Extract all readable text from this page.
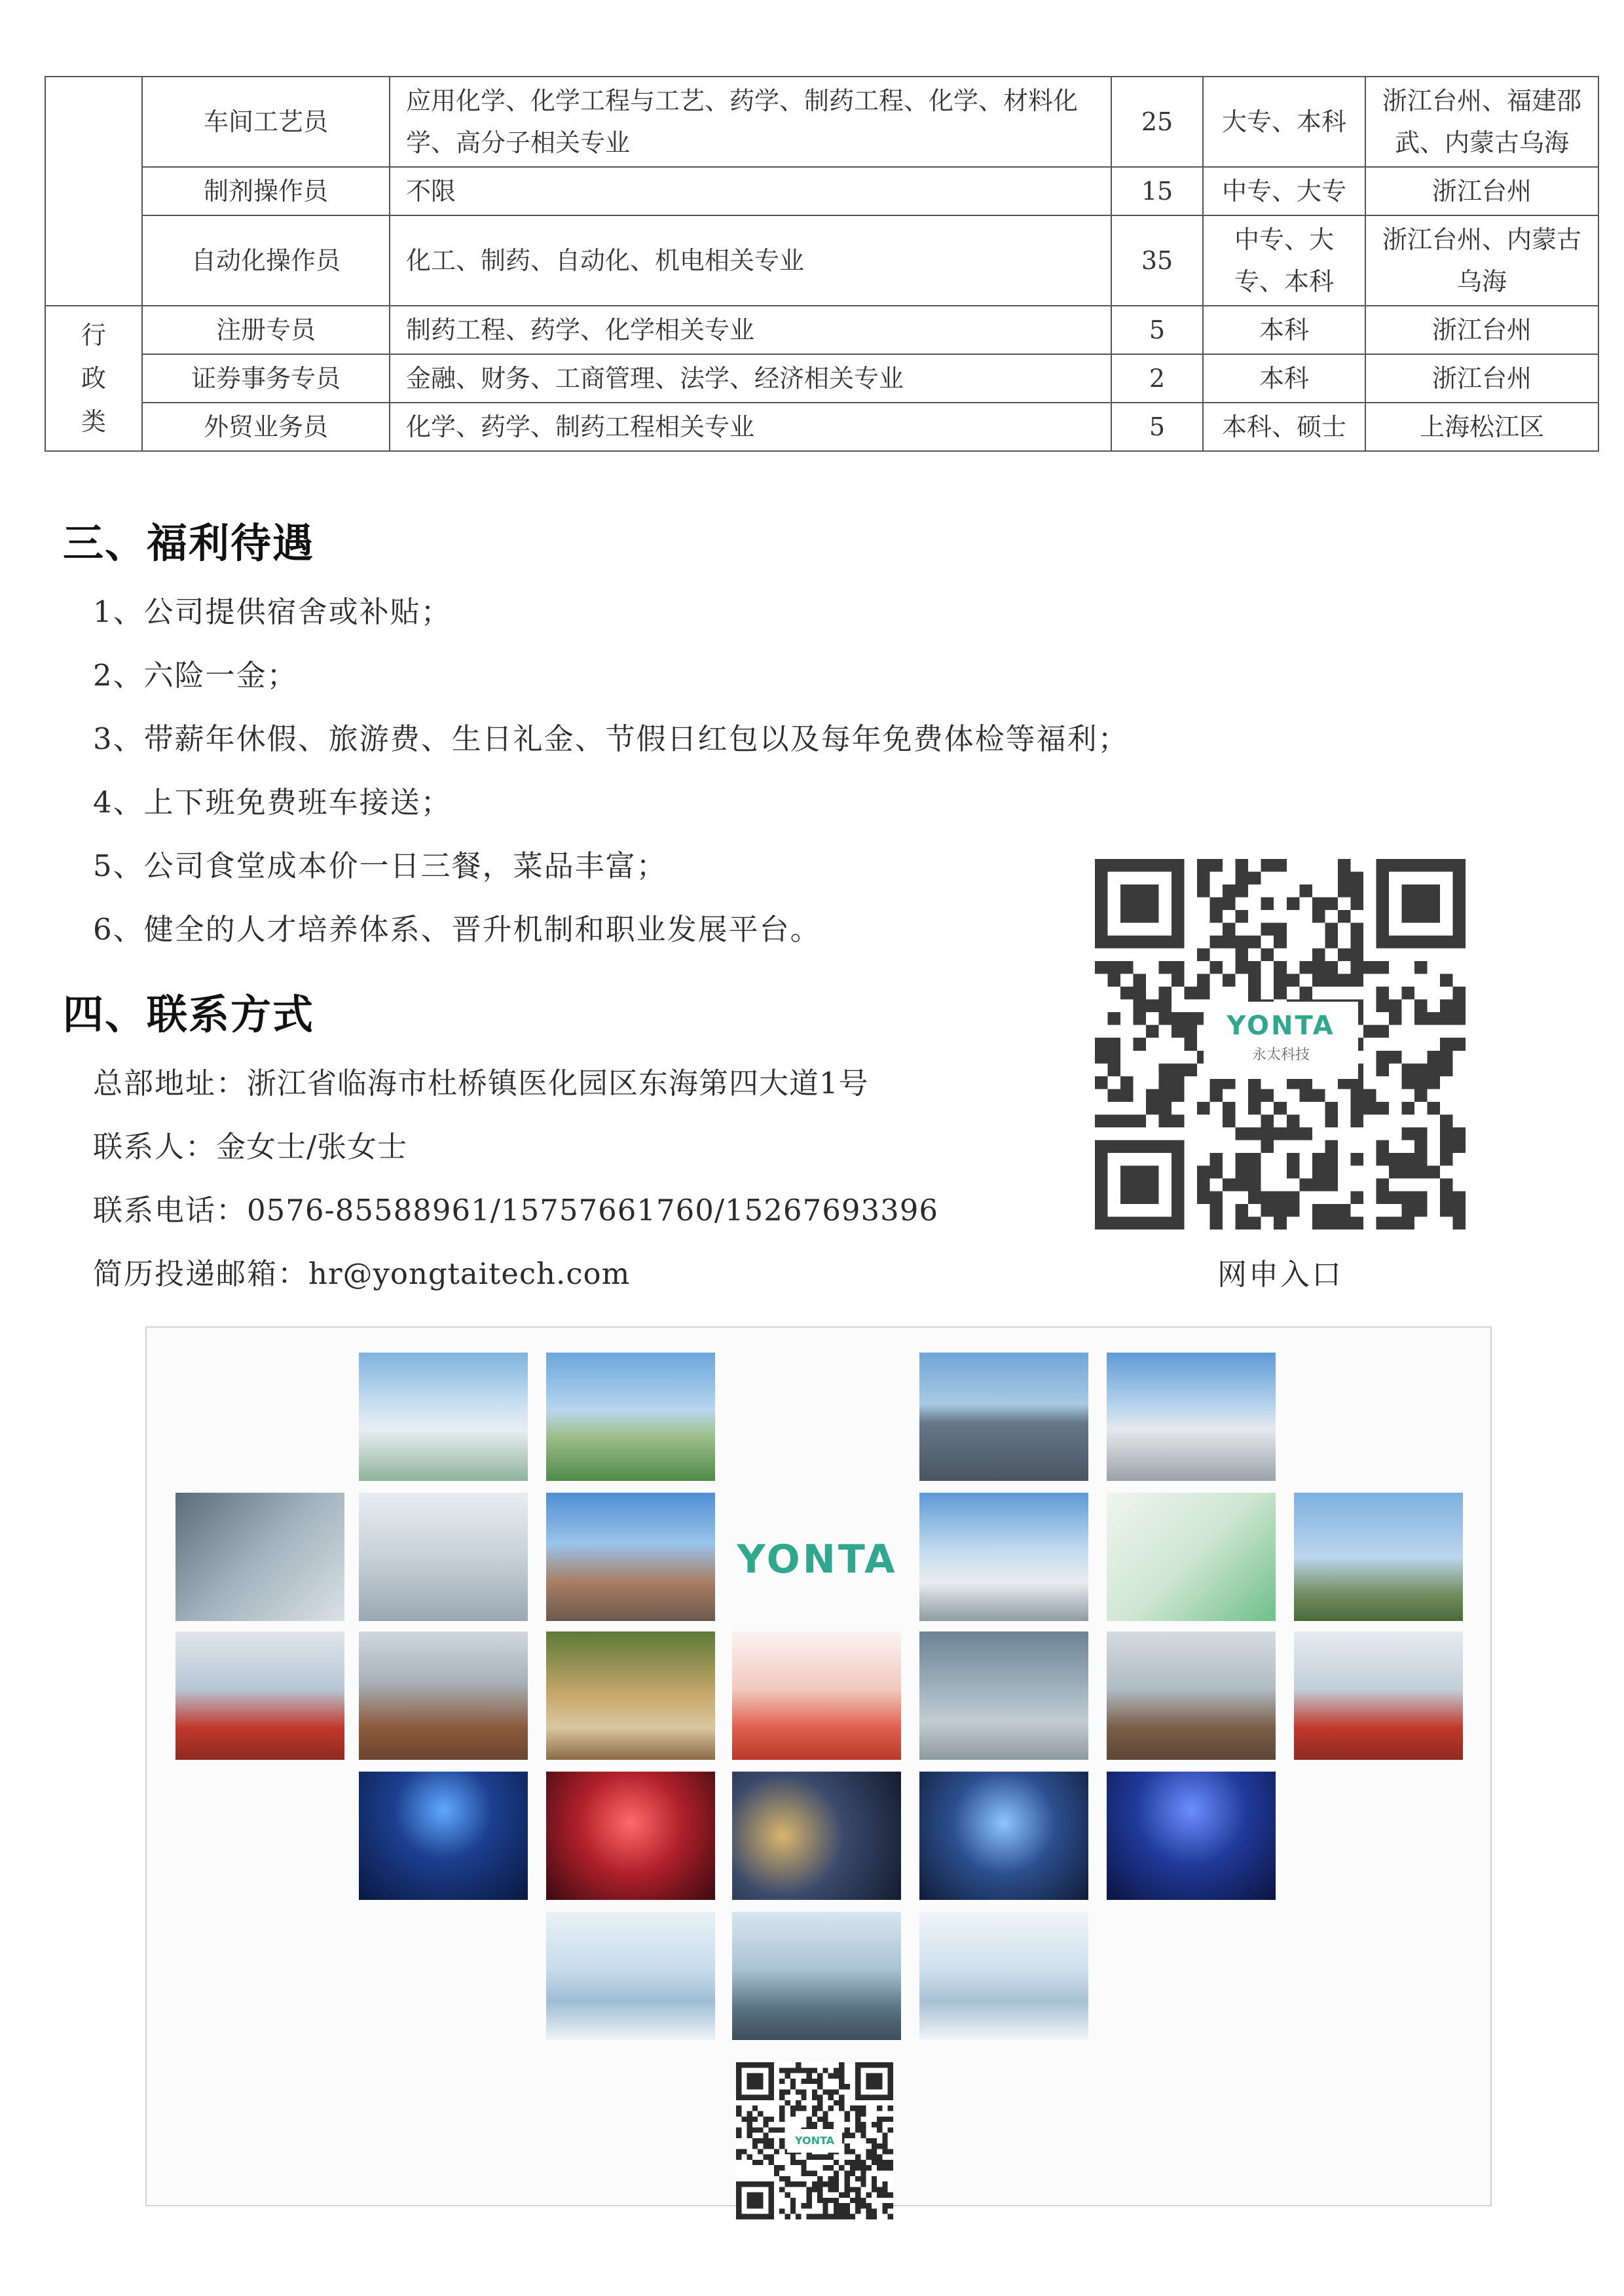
	车间工艺员	应用化学、化学工程与工艺、药学、制药工程、化学、材料化学、高分子相关专业	25	大专、本科	浙江台州、福建邵武、内蒙古乌海
	制剂操作员	不限	15	中专、大专	浙江台州
	自动化操作员	化工、制药、自动化、机电相关专业	35	中专、大专、本科	浙江台州、内蒙古乌海
行政类	注册专员	制药工程、药学、化学相关专业	5	本科	浙江台州
	证券事务专员	金融、财务、工商管理、法学、经济相关专业	2	本科	浙江台州
	外贸业务员	化学、药学、制药工程相关专业	5	本科、硕士	上海松江区
三、福利待遇

1、公司提供宿舍或补贴；

2、六险一金；

3、带薪年休假、旅游费、生日礼金、节假日红包以及每年免费体检等福利；

4、上下班免费班车接送；

5、公司食堂成本价一日三餐，菜品丰富；

6、健全的人才培养体系、晋升机制和职业发展平台。

四、联系方式

总部地址：浙江省临海市杜桥镇医化园区东海第四大道1号

联系人：金女士/张女士

联系电话：0576-85588961/15757661760/15267693396

简历投递邮箱：hr@yongtaitech.com

YONTA
永太科技

网申入口

YONTA
YONTA
